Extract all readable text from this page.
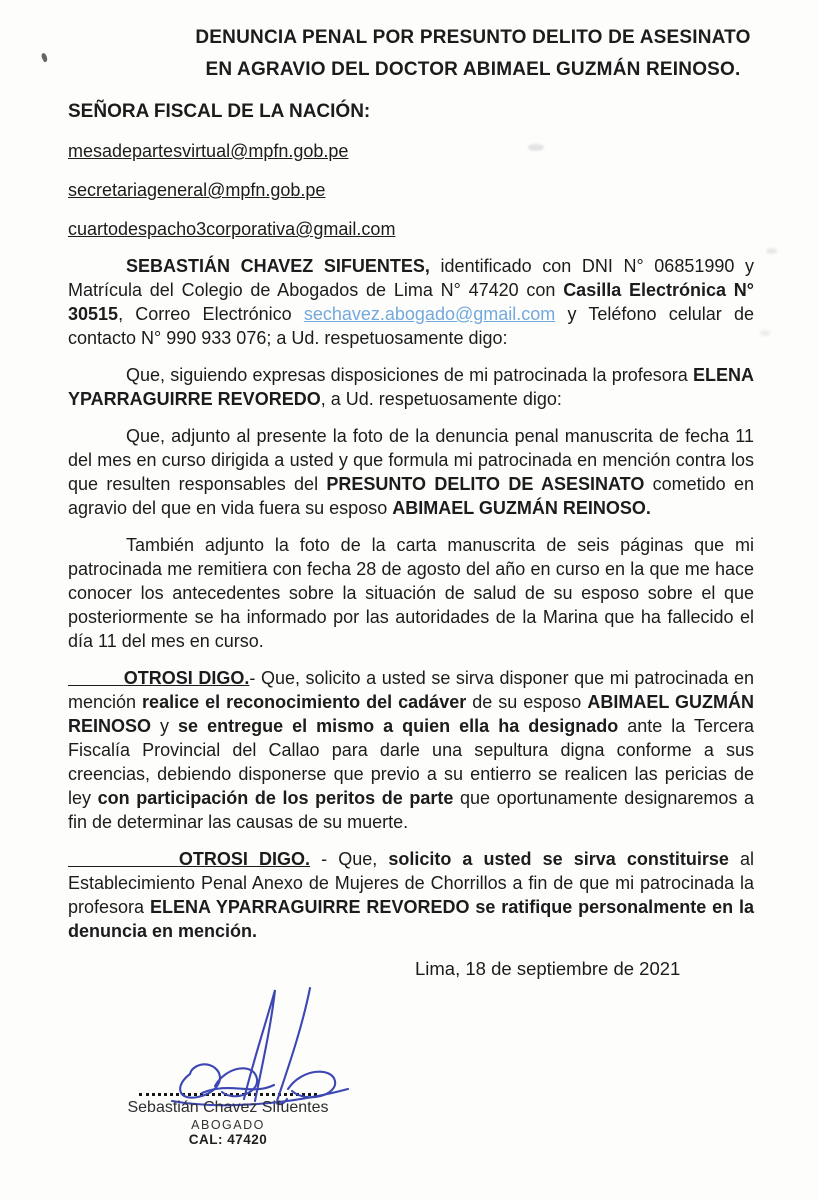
DENUNCIA PENAL POR PRESUNTO DELITO DE ASESINATO
EN AGRAVIO DEL DOCTOR ABIMAEL GUZMÁN REINOSO.
SEÑORA FISCAL DE LA NACIÓN:
mesadepartesvirtual@mpfn.gob.pe
secretariageneral@mpfn.gob.pe
cuartodespacho3corporativa@gmail.com

SEBASTIÁN CHAVEZ SIFUENTES, identificado con DNI N° 06851990 y Matrícula del Colegio de Abogados de Lima N° 47420 con Casilla Electrónica N° 30515, Correo Electrónico sechavez.abogado@gmail.com y Teléfono celular de contacto N° 990 933 076; a Ud. respetuosamente digo:

Que, siguiendo expresas disposiciones de mi patrocinada la profesora ELENA YPARRAGUIRRE REVOREDO, a Ud. respetuosamente digo:

Que, adjunto al presente la foto de la denuncia penal manuscrita de fecha 11 del mes en curso dirigida a usted y que formula mi patrocinada en mención contra los que resulten responsables del PRESUNTO DELITO DE ASESINATO cometido en agravio del que en vida fuera su esposo ABIMAEL GUZMÁN REINOSO.

También adjunto la foto de la carta manuscrita de seis páginas que mi patrocinada me remitiera con fecha 28 de agosto del año en curso en la que me hace conocer los antecedentes sobre la situación de salud de su esposo sobre el que posteriormente se ha informado por las autoridades de la Marina que ha fallecido el día 11 del mes en curso.

OTROSI DIGO.- Que, solicito a usted se sirva disponer que mi patrocinada en mención realice el reconocimiento del cadáver de su esposo ABIMAEL GUZMÁN REINOSO y se entregue el mismo a quien ella ha designado ante la Tercera Fiscalía Provincial del Callao para darle una sepultura digna conforme a sus creencias, debiendo disponerse que previo a su entierro se realicen las pericias de ley con participación de los peritos de parte que oportunamente designaremos a fin de determinar las causas de su muerte.

OTROSI DIGO. - Que, solicito a usted se sirva constituirse al Establecimiento Penal Anexo de Mujeres de Chorrillos a fin de que mi patrocinada la profesora ELENA YPARRAGUIRRE REVOREDO se ratifique personalmente en la denuncia en mención.

Lima, 18 de septiembre de 2021
Sebastián Chavez Sifuentes
ABOGADO
CAL: 47420
